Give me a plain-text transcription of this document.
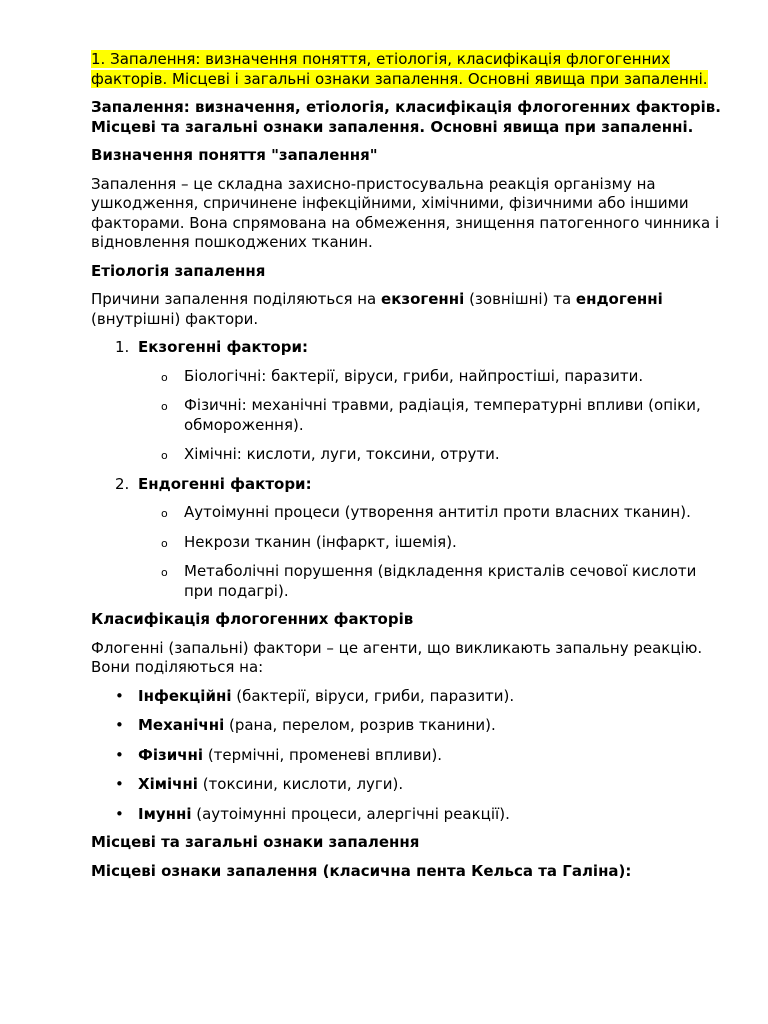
1. Запалення: визначення поняття, етіологія, класифікація флогогенних факторів. Місцеві і загальні ознаки запалення. Основні явища при запаленні.

Запалення: визначення, етіологія, класифікація флогогенних факторів. Місцеві та загальні ознаки запалення. Основні явища при запаленні.

Визначення поняття "запалення"

Запалення – це складна захисно-пристосувальна реакція організму на ушкодження, спричинене інфекційними, хімічними, фізичними або іншими факторами. Вона спрямована на обмеження, знищення патогенного чинника і відновлення пошкоджених тканин.

Етіологія запалення

Причини запалення поділяються на екзогенні (зовнішні) та ендогенні (внутрішні) фактори.

1. Екзогенні фактори:
o Біологічні: бактерії, віруси, гриби, найпростіші, паразити.
o Фізичні: механічні травми, радіація, температурні впливи (опіки, обмороження).
o Хімічні: кислоти, луги, токсини, отрути.
2. Ендогенні фактори:
o Аутоімунні процеси (утворення антитіл проти власних тканин).
o Некрози тканин (інфаркт, ішемія).
o Метаболічні порушення (відкладення кристалів сечової кислоти при подагрі).

Класифікація флогогенних факторів

Флогенні (запальні) фактори – це агенти, що викликають запальну реакцію. Вони поділяються на:

• Інфекційні (бактерії, віруси, гриби, паразити).
• Механічні (рана, перелом, розрив тканини).
• Фізичні (термічні, променеві впливи).
• Хімічні (токсини, кислоти, луги).
• Імунні (аутоімунні процеси, алергічні реакції).

Місцеві та загальні ознаки запалення

Місцеві ознаки запалення (класична пента Кельса та Галіна):
